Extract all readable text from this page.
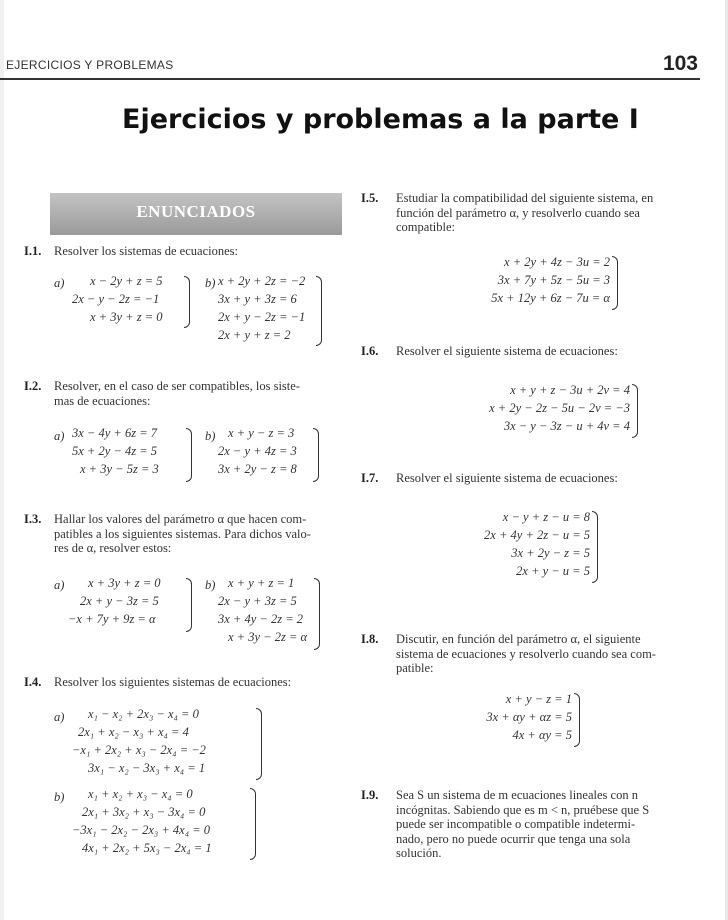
EJERCICIOS Y PROBLEMAS	103
Ejercicios y problemas a la parte I
ENUNCIADOS
I.1. Resolver los sistemas de ecuaciones:
a)	x − 2y + z = 5
2x − y − 2z = −1
x + 3y + z = 0
b) x + 2y + 2z = −2
3x + y + 3z = 6
2x + y − 2z = −1
2x + y + z = 2
I.2. Resolver, en el caso de ser compatibles, los siste-
mas de ecuaciones:
a) 3x − 4y + 6z = 7
5x + 2y − 4z = 5
x + 3y − 5z = 3
b)	x + y − z = 3
2x − y + 4z = 3
3x + 2y − z = 8
I.3. Hallar los valores del parámetro α que hacen com-
patibles a los siguientes sistemas. Para dichos valo-
res de α, resolver estos:
a)	x + 3y + z = 0
2x + y − 3z = 5
−x + 7y + 9z = α
b)	x + y + z = 1
2x − y + 3z = 5
3x + 4y − 2z = 2
x + 3y − 2z = α
I.4. Resolver los siguientes sistemas de ecuaciones:
a)	x₁ − x₂ + 2x₃ − x₄ = 0
2x₁ + x₂ − x₃ + x₄ = 4
−x₁ + 2x₂ + x₃ − 2x₄ = −2
3x₁ − x₂ − 3x₃ + x₄ = 1
b)	x₁ + x₂ + x₃ − x₄ = 0
2x₁ + 3x₂ + x₃ − 3x₄ = 0
−3x₁ − 2x₂ − 2x₃ + 4x₄ = 0
4x₁ + 2x₂ + 5x₃ − 2x₄ = 1
I.5. Estudiar la compatibilidad del siguiente sistema, en
función del parámetro α, y resolverlo cuando sea
compatible:
x + 2y + 4z − 3u = 2
3x + 7y + 5z − 5u = 3
5x + 12y + 6z − 7u = α
I.6. Resolver el siguiente sistema de ecuaciones:
x + y + z − 3u + 2v = 4
x + 2y − 2z − 5u − 2v = −3
3x − y − 3z − u + 4v = 4
I.7. Resolver el siguiente sistema de ecuaciones:
x − y + z − u = 8
2x + 4y + 2z − u = 5
3x + 2y − z = 5
2x + y − u = 5
I.8. Discutir, en función del parámetro α, el siguiente
sistema de ecuaciones y resolverlo cuando sea com-
patible:
x + y − z = 1
3x + αy + αz = 5
4x + αy = 5
I.9. Sea S un sistema de m ecuaciones lineales con n
incógnitas. Sabiendo que es m < n, pruébese que S
puede ser incompatible o compatible indetermi-
nado, pero no puede ocurrir que tenga una sola
solución.
